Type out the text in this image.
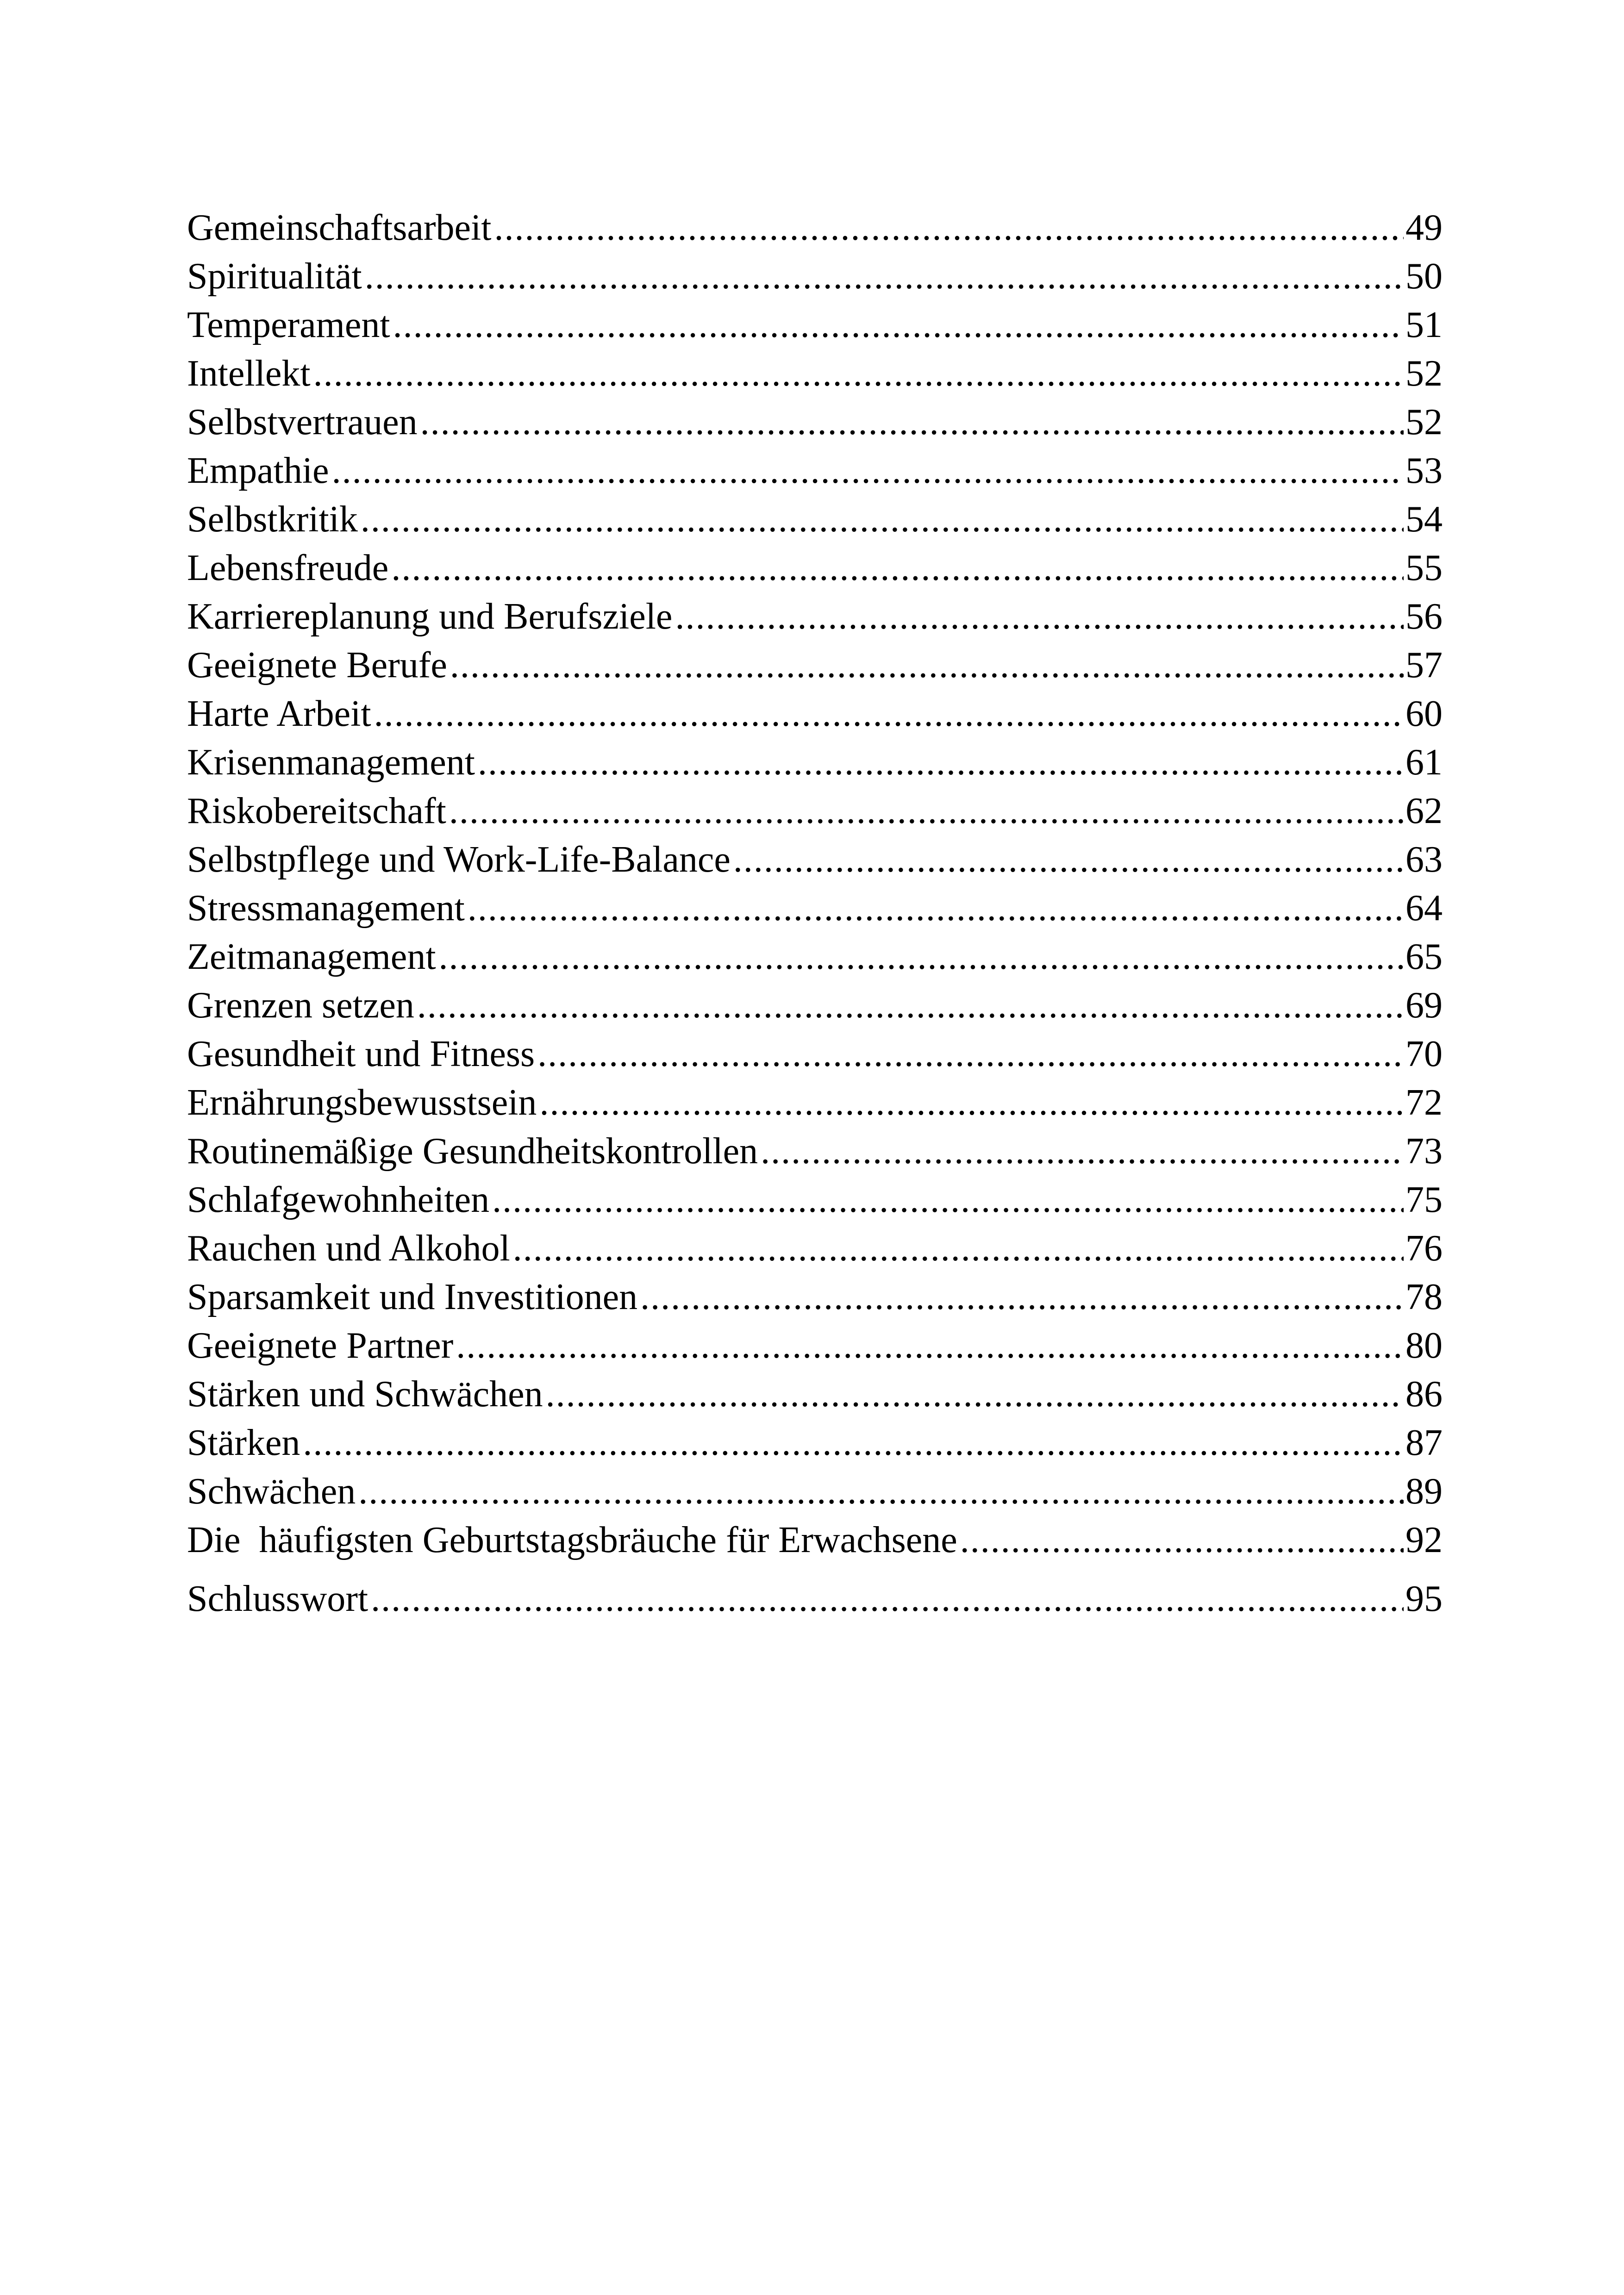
Gemeinschaftsarbeit .....	49
Spiritualität .....	50
Temperament .....	51
Intellekt .....	52
Selbstvertrauen .....	52
Empathie .....	53
Selbstkritik .....	54
Lebensfreude .....	55
Karriereplanung und Berufsziele .....	56
Geeignete Berufe .....	57
Harte Arbeit .....	60
Krisenmanagement .....	61
Riskobereitschaft .....	62
Selbstpflege und Work-Life-Balance .....	63
Stressmanagement .....	64
Zeitmanagement .....	65
Grenzen setzen .....	69
Gesundheit und Fitness .....	70
Ernährungsbewusstsein .....	72
Routinemäßige Gesundheitskontrollen .....	73
Schlafgewohnheiten .....	75
Rauchen und Alkohol .....	76
Sparsamkeit und Investitionen .....	78
Geeignete Partner .....	80
Stärken und Schwächen .....	86
Stärken .....	87
Schwächen .....	89
Die  häufigsten Geburtstagsbräuche für Erwachsene .....	92
Schlusswort .....	95
